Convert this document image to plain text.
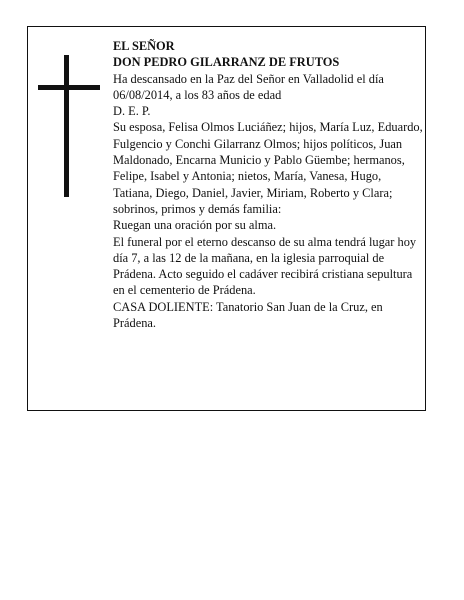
EL SEÑOR

DON PEDRO GILARRANZ DE FRUTOS

Ha descansado en la Paz del Señor en Valladolid el día 06/08/2014, a los 83 años de edad

D. E. P.

Su esposa, Felisa Olmos Luciáñez; hijos, María Luz, Eduardo, Fulgencio y Conchi Gilarranz Olmos; hijos políticos, Juan Maldonado, Encarna Municio y Pablo Güembe; hermanos, Felipe, Isabel y Antonia; nietos, María, Vanesa, Hugo, Tatiana, Diego, Daniel, Javier, Miriam, Roberto y Clara; sobrinos, primos y demás familia:

Ruegan una oración por su alma.

El funeral por el eterno descanso de su alma tendrá lugar hoy día 7, a las 12 de la mañana, en la iglesia parroquial de Prádena. Acto seguido el cadáver recibirá cristiana sepultura en el cementerio de Prádena.

CASA DOLIENTE: Tanatorio San Juan de la Cruz, en Prádena.
